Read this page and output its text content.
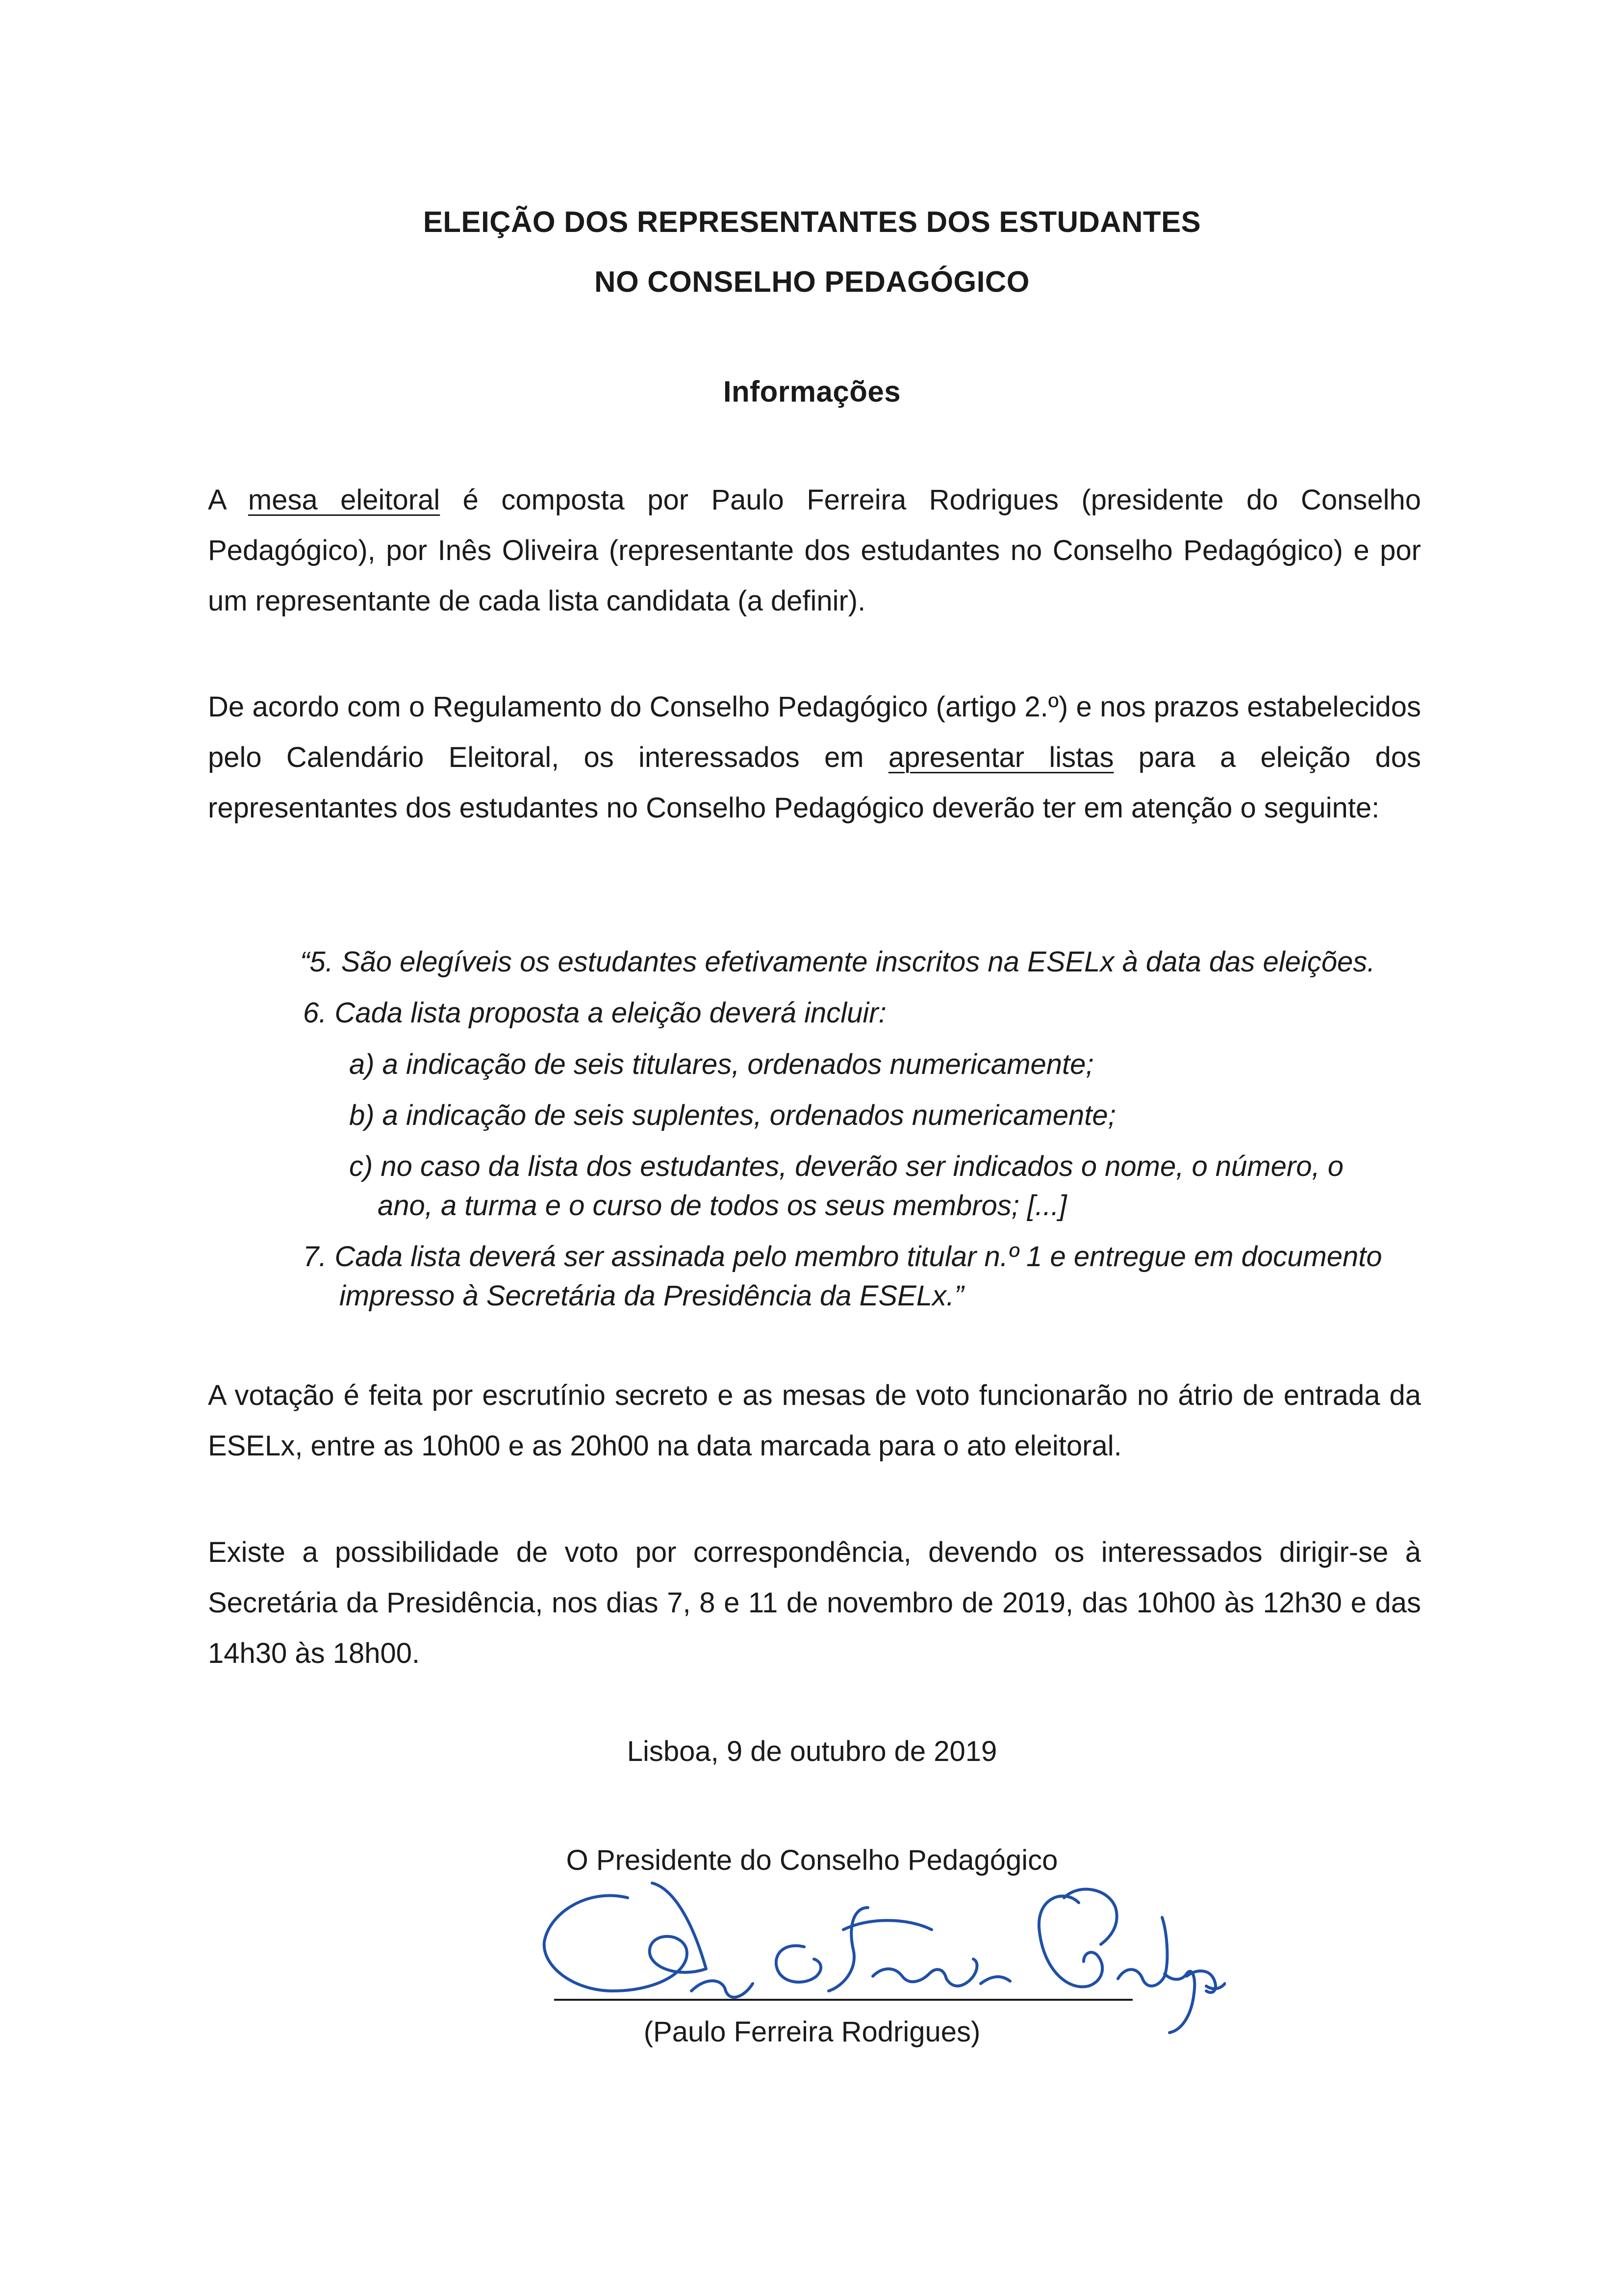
ELEIÇÃO DOS REPRESENTANTES DOS ESTUDANTES
NO CONSELHO PEDAGÓGICO
Informações
A mesa eleitoral é composta por Paulo Ferreira Rodrigues (presidente do Conselho Pedagógico), por Inês Oliveira (representante dos estudantes no Conselho Pedagógico) e por um representante de cada lista candidata (a definir).
De acordo com o Regulamento do Conselho Pedagógico (artigo 2.º) e nos prazos estabelecidos pelo Calendário Eleitoral, os interessados em apresentar listas para a eleição dos representantes dos estudantes no Conselho Pedagógico deverão ter em atenção o seguinte:
“5. São elegíveis os estudantes efetivamente inscritos na ESELx à data das eleições.
6. Cada lista proposta a eleição deverá incluir:
a) a indicação de seis titulares, ordenados numericamente;
b) a indicação de seis suplentes, ordenados numericamente;
c) no caso da lista dos estudantes, deverão ser indicados o nome, o número, o
ano, a turma e o curso de todos os seus membros; [...]
7. Cada lista deverá ser assinada pelo membro titular n.º 1 e entregue em documento
impresso à Secretária da Presidência da ESELx.”
A votação é feita por escrutínio secreto e as mesas de voto funcionarão no átrio de entrada da ESELx, entre as 10h00 e as 20h00 na data marcada para o ato eleitoral.
Existe a possibilidade de voto por correspondência, devendo os interessados dirigir-se à Secretária da Presidência, nos dias 7, 8 e 11 de novembro de 2019, das 10h00 às 12h30 e das 14h30 às 18h00.
Lisboa, 9 de outubro de 2019
O Presidente do Conselho Pedagógico
(Paulo Ferreira Rodrigues)
